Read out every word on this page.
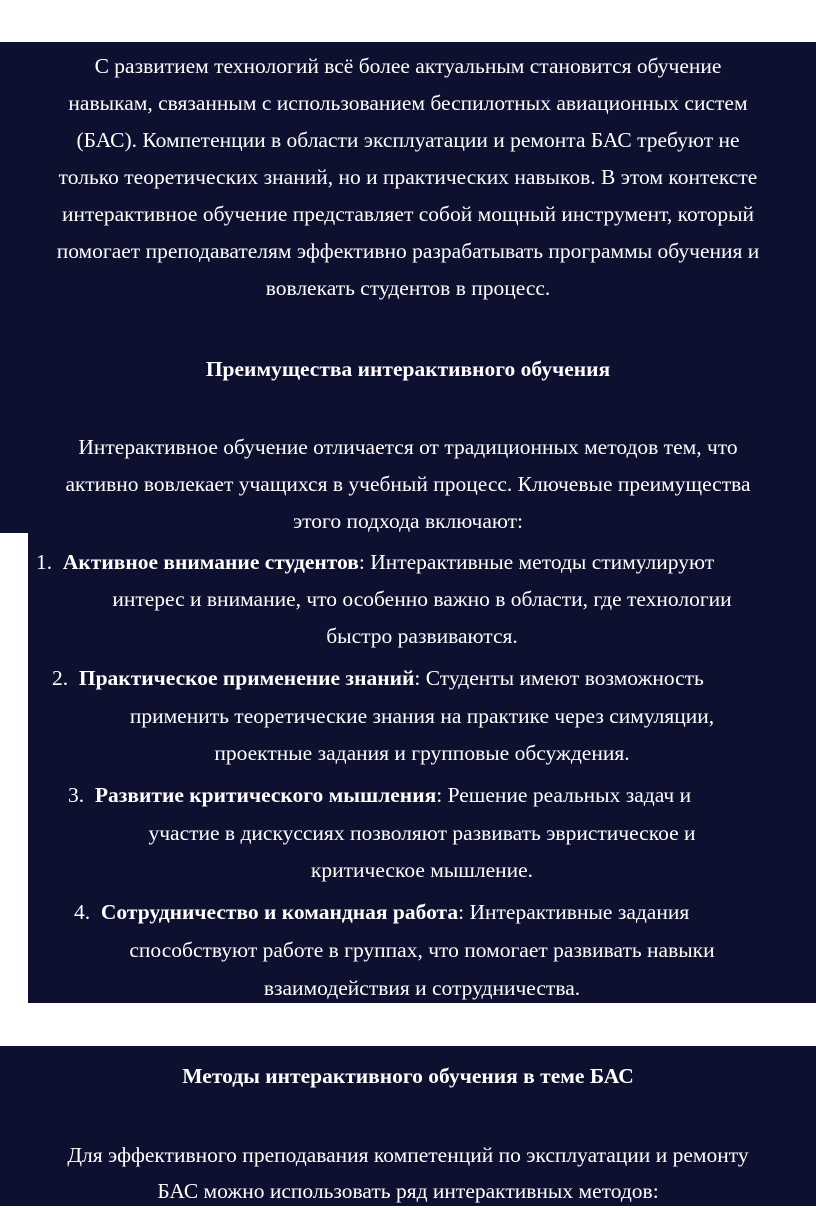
С развитием технологий всё более актуальным становится обучение

навыкам, связанным с использованием беспилотных авиационных систем

(БАС). Компетенции в области эксплуатации и ремонта БАС требуют не

только теоретических знаний, но и практических навыков. В этом контексте

интерактивное обучение представляет собой мощный инструмент, который

помогает преподавателям эффективно разрабатывать программы обучения и

вовлекать студентов в процесс.

Преимущества интерактивного обучения

Интерактивное обучение отличается от традиционных методов тем, что

активно вовлекает учащихся в учебный процесс. Ключевые преимущества

этого подхода включают:

1. Активное внимание студентов: Интерактивные методы стимулируют

интерес и внимание, что особенно важно в области, где технологии

быстро развиваются.

2. Практическое применение знаний: Студенты имеют возможность

применить теоретические знания на практике через симуляции,

проектные задания и групповые обсуждения.

3. Развитие критического мышления: Решение реальных задач и

участие в дискуссиях позволяют развивать эвристическое и

критическое мышление.

4. Сотрудничество и командная работа: Интерактивные задания

способствуют работе в группах, что помогает развивать навыки

взаимодействия и сотрудничества.

Методы интерактивного обучения в теме БАС

Для эффективного преподавания компетенций по эксплуатации и ремонту

БАС можно использовать ряд интерактивных методов:
